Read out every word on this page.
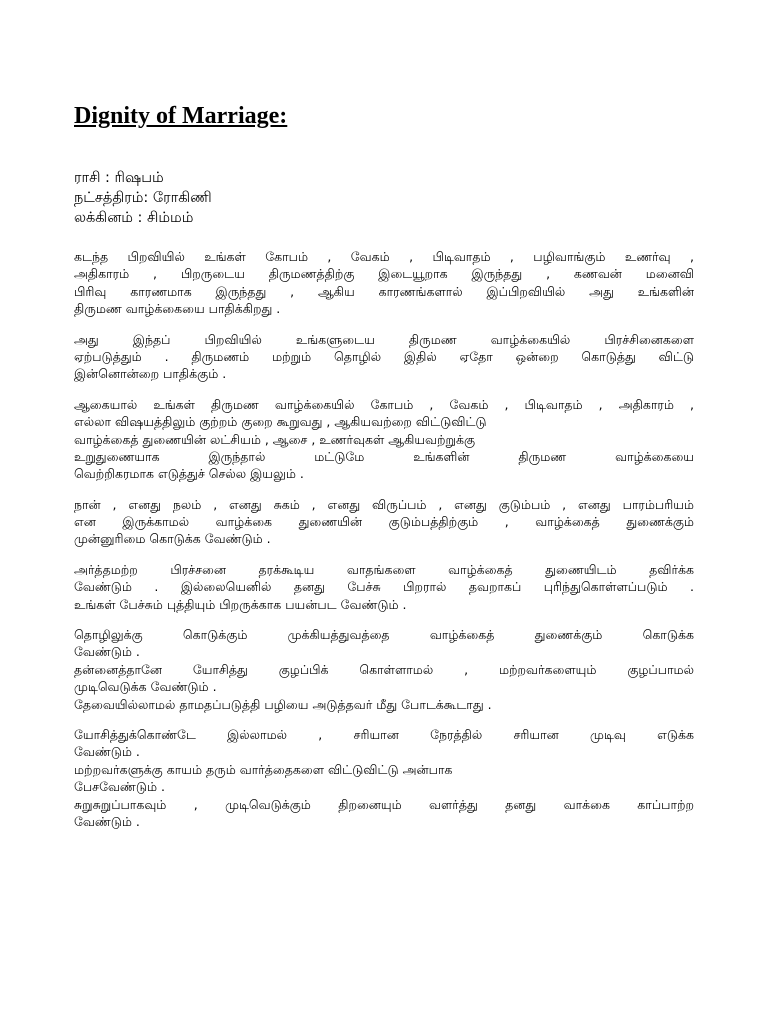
Dignity of Marriage:
ராசி : ரிஷபம்
நட்சத்திரம்: ரோகிணி
லக்கினம் : சிம்மம்
கடந்த பிறவியில் உங்கள் கோபம் , வேகம் , பிடிவாதம் , பழிவாங்கும் உணர்வு ,
அதிகாரம் , பிறருடைய திருமணத்திற்கு இடையூறாக இருந்தது , கணவன் மனைவி
பிரிவு காரணமாக இருந்தது , ஆகிய காரணங்களால் இப்பிறவியில் அது உங்களின்
திருமண வாழ்க்கையை பாதிக்கிறது .
அது இந்தப் பிறவியில் உங்களுடைய திருமண வாழ்க்கையில் பிரச்சினைகளை
ஏற்படுத்தும் . திருமணம் மற்றும் தொழில் இதில் ஏதோ ஒன்றை கொடுத்து விட்டு
இன்னொன்றை பாதிக்கும் .
ஆகையால் உங்கள் திருமண வாழ்க்கையில் கோபம் , வேகம் , பிடிவாதம் , அதிகாரம் ,
எல்லா விஷயத்திலும் குற்றம் குறை கூறுவது , ஆகியவற்றை விட்டுவிட்டு
வாழ்க்கைத் துணையின் லட்சியம் , ஆசை , உணர்வுகள் ஆகியவற்றுக்கு
உறுதுணையாக இருந்தால் மட்டுமே உங்களின் திருமண வாழ்க்கையை
வெற்றிகரமாக எடுத்துச் செல்ல இயலும் .
நான் , எனது நலம் , எனது சுகம் , எனது விருப்பம் , எனது குடும்பம் , எனது பாரம்பரியம்
என இருக்காமல் வாழ்க்கை துணையின் குடும்பத்திற்கும் , வாழ்க்கைத் துணைக்கும்
முன்னுரிமை கொடுக்க வேண்டும் .
அர்த்தமற்ற பிரச்சனை தரக்கூடிய வாதங்களை வாழ்க்கைத் துணையிடம் தவிர்க்க
வேண்டும் . இல்லையெனில் தனது பேச்சு பிறரால் தவறாகப் புரிந்துகொள்ளப்படும் .
உங்கள் பேச்சும் புத்தியும் பிறருக்காக பயன்பட வேண்டும் .
தொழிலுக்கு கொடுக்கும் முக்கியத்துவத்தை வாழ்க்கைத் துணைக்கும் கொடுக்க
வேண்டும் .
தன்னைத்தானே யோசித்து குழப்பிக் கொள்ளாமல் , மற்றவர்களையும் குழப்பாமல்
முடிவெடுக்க வேண்டும் .
தேவையில்லாமல் தாமதப்படுத்தி பழியை அடுத்தவர் மீது போடக்கூடாது .
யோசித்துக்கொண்டே இல்லாமல் , சரியான நேரத்தில் சரியான முடிவு எடுக்க
வேண்டும் .
மற்றவர்களுக்கு காயம் தரும் வார்த்தைகளை விட்டுவிட்டு அன்பாக
பேசவேண்டும் .
சுறுசுறுப்பாகவும் , முடிவெடுக்கும் திறனையும் வளர்த்து தனது வாக்கை காப்பாற்ற
வேண்டும் .
